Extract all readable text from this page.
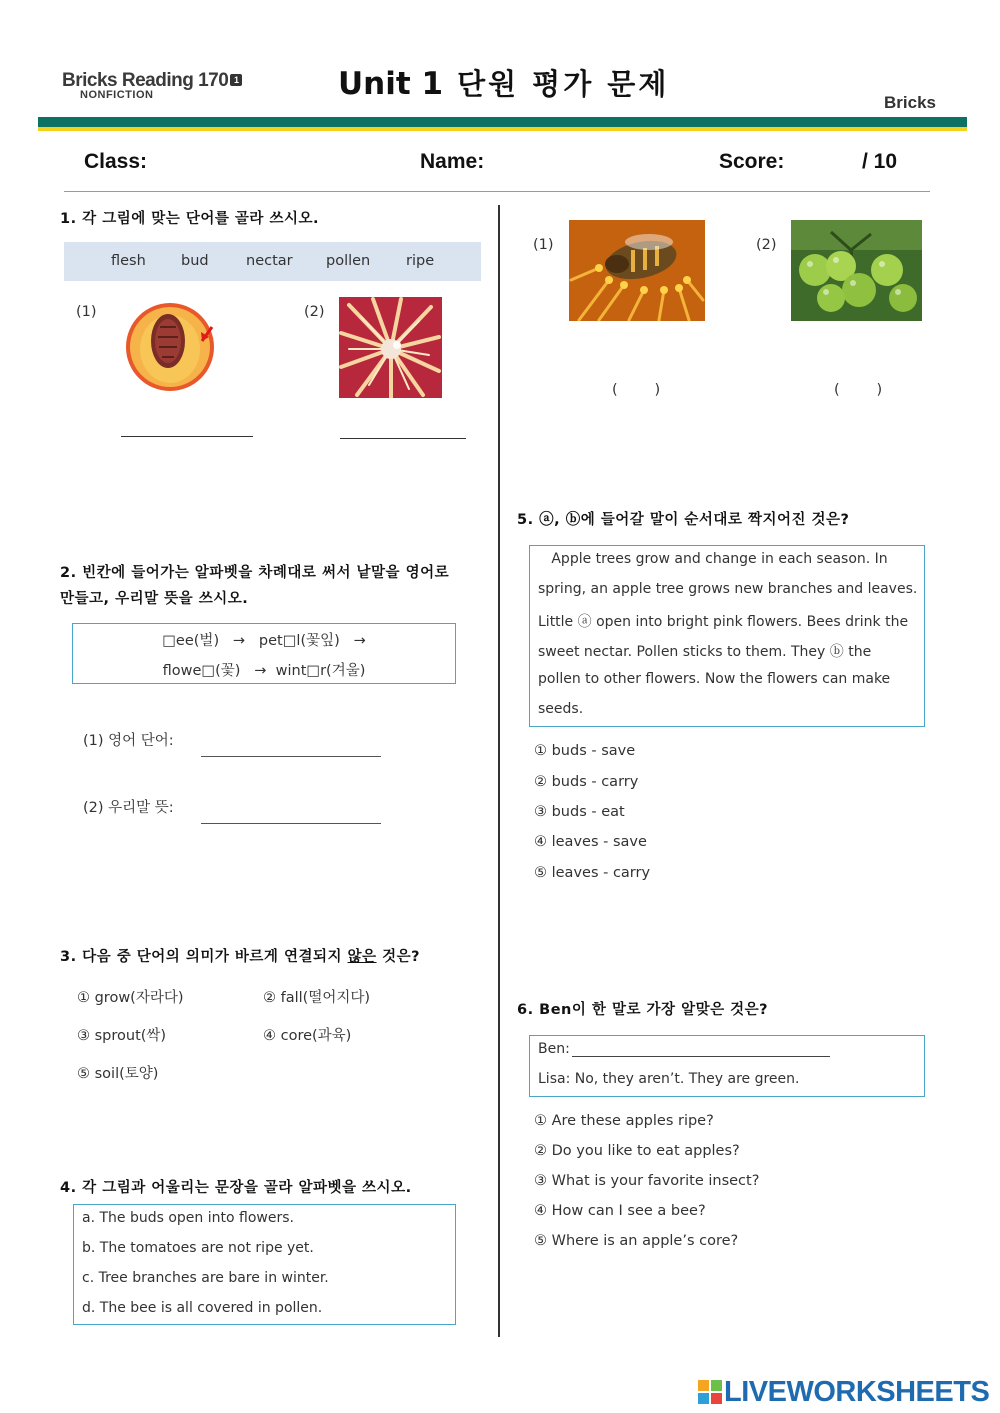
Bricks Reading 170 1
NONFICTION	Unit 1 단원 평가 문제
Bricks
Class:	Name:	Score:	/ 10
1. 각 그림에 맞는 단어를 골라 쓰시오.
flesh bud	nectar pollen ripe
(1)	(2)
2. 빈칸에 들어가는 알파벳을 차례대로 써서 낱말을 영어로
만들고, 우리말 뜻을 쓰시오.
□ee(벌)   →   pet□l(꽃잎)   →
flowe□(꽃)   →  wint□r(겨울)
(1) 영어 단어:
(2) 우리말 뜻:
3. 다음 중 단어의 의미가 바르게 연결되지 않은 것은?
① grow(자라다)	② fall(떨어지다)
③ sprout(싹)	④ core(과육)
⑤ soil(토양)
4. 각 그림과 어울리는 문장을 골라 알파벳을 쓰시오.
a. The buds open into flowers.
b. The tomatoes are not ripe yet.
c. Tree branches are bare in winter.
d. The bee is all covered in pollen.
(1)
(        )
(2)
(        )
5. ⓐ, ⓑ에 들어갈 말이 순서대로 짝지어진 것은?
Apple trees grow and change in each season. In
spring, an apple tree grows new branches and leaves.
Little ⓐ open into bright pink flowers. Bees drink the
sweet nectar. Pollen sticks to them. They ⓑ the
pollen to other flowers. Now the flowers can make
seeds.
① buds - save
② buds - carry
③ buds - eat
④ leaves - save
⑤ leaves - carry
6. Ben이 한 말로 가장 알맞은 것은?
Ben:
Lisa: No, they aren’t. They are green.
① Are these apples ripe?
② Do you like to eat apples?
③ What is your favorite insect?
④ How can I see a bee?
⑤ Where is an apple’s core?
LIVEWORKSHEETS
